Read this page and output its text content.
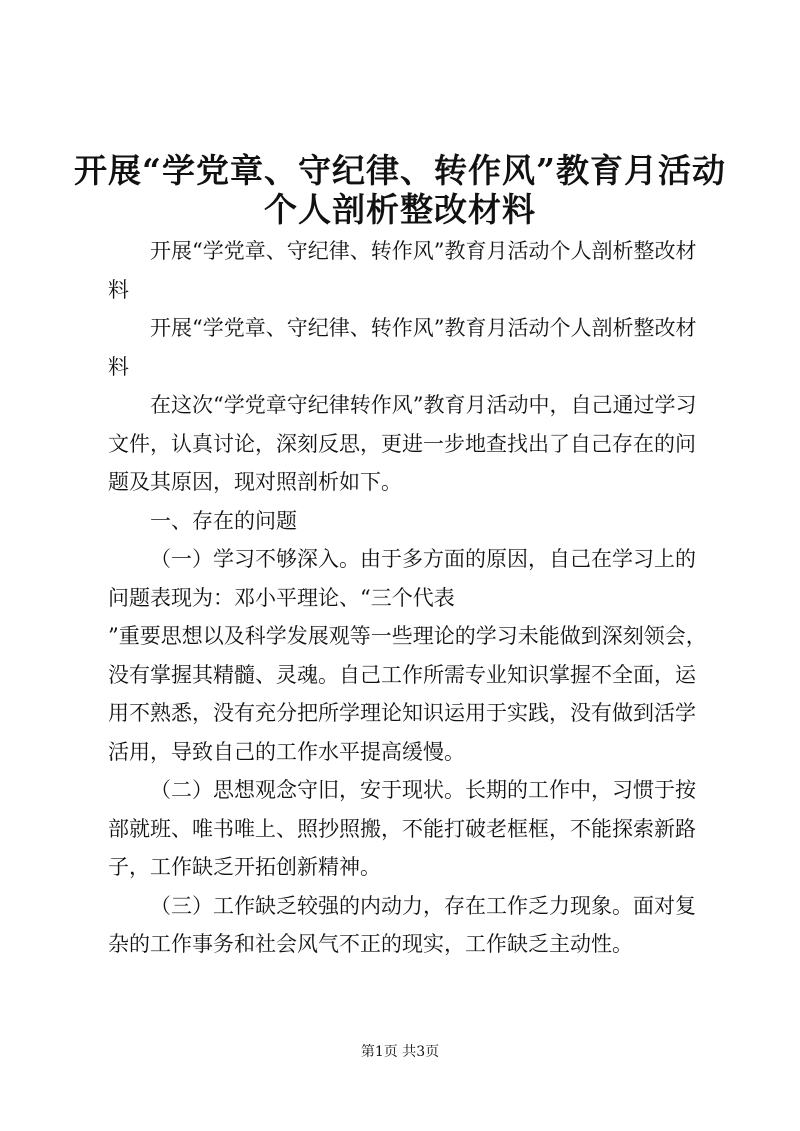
开展“学党章、守纪律、转作风”教育月活动
个人剖析整改材料

开展“学党章、守纪律、转作风”教育月活动个人剖析整改材料

开展“学党章、守纪律、转作风”教育月活动个人剖析整改材料

在这次“学党章守纪律转作风”教育月活动中，自己通过学习文件，认真讨论，深刻反思，更进一步地查找出了自己存在的问题及其原因，现对照剖析如下。

一、存在的问题

（一）学习不够深入。由于多方面的原因，自己在学习上的问题表现为：邓小平理论、“三个代表

”重要思想以及科学发展观等一些理论的学习未能做到深刻领会，没有掌握其精髓、灵魂。自己工作所需专业知识掌握不全面，运用不熟悉，没有充分把所学理论知识运用于实践，没有做到活学活用，导致自己的工作水平提高缓慢。

（二）思想观念守旧，安于现状。长期的工作中，习惯于按部就班、唯书唯上、照抄照搬，不能打破老框框，不能探索新路子，工作缺乏开拓创新精神。

（三）工作缺乏较强的内动力，存在工作乏力现象。面对复杂的工作事务和社会风气不正的现实，工作缺乏主动性。

第1页 共3页
